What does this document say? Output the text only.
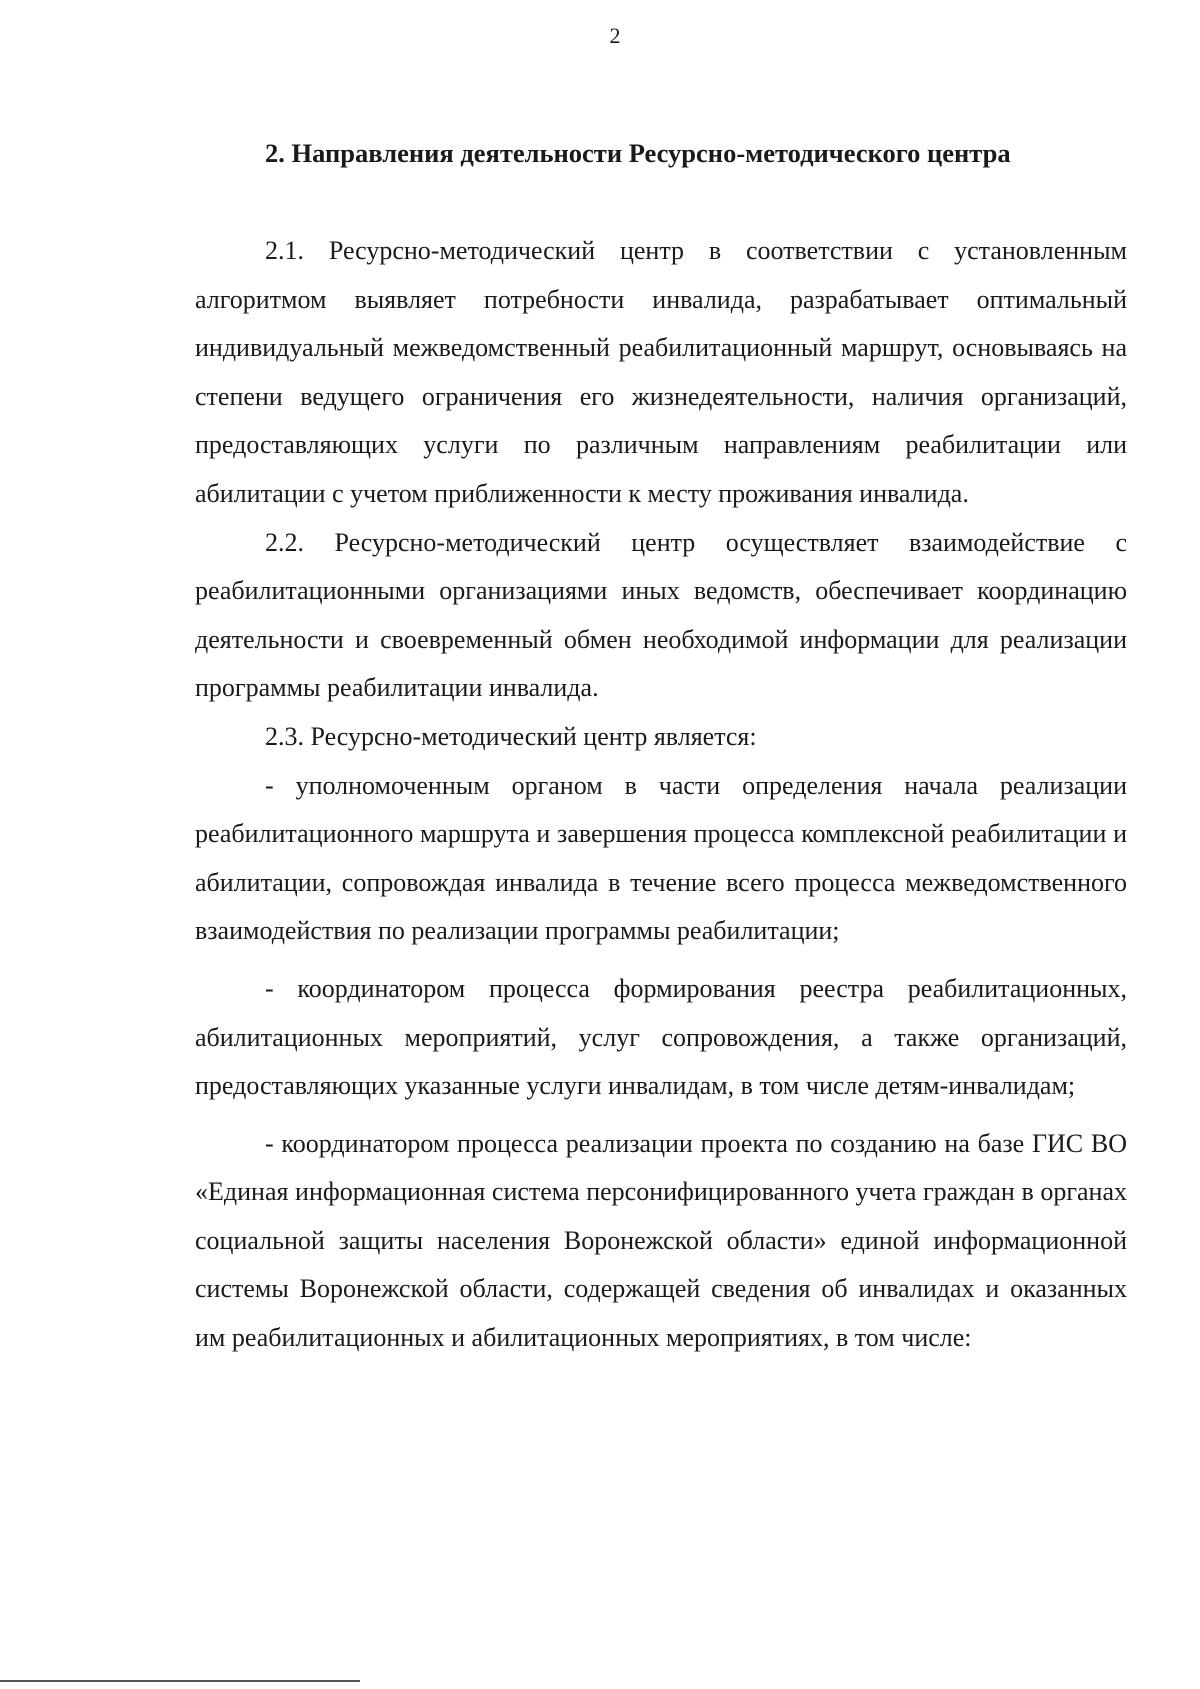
2
2. Направления деятельности Ресурсно-методического центра

2.1. Ресурсно-методический центр в соответствии с установленным алгоритмом выявляет потребности инвалида, разрабатывает оптимальный индивидуальный межведомственный реабилитационный маршрут, основываясь на степени ведущего ограничения его жизнедеятельности, наличия организаций, предоставляющих услуги по различным направлениям реабилитации или абилитации с учетом приближенности к месту проживания инвалида.

2.2. Ресурсно-методический центр осуществляет взаимодействие с реабилитационными организациями иных ведомств, обеспечивает координацию деятельности и своевременный обмен необходимой информации для реализации программы реабилитации инвалида.

2.3. Ресурсно-методический центр является:

- уполномоченным органом в части определения начала реализации реабилитационного маршрута и завершения процесса комплексной реабилитации и абилитации, сопровождая инвалида в течение всего процесса межведомственного взаимодействия по реализации программы реабилитации;

- координатором процесса формирования реестра реабилитационных, абилитационных мероприятий, услуг сопровождения, а также организаций, предоставляющих указанные услуги инвалидам, в том числе детям-инвалидам;

- координатором процесса реализации проекта по созданию на базе ГИС ВО «Единая информационная система персонифицированного учета граждан в органах социальной защиты населения Воронежской области» единой информационной системы Воронежской области, содержащей сведения об инвалидах и оказанных им реабилитационных и абилитационных мероприятиях, в том числе:
